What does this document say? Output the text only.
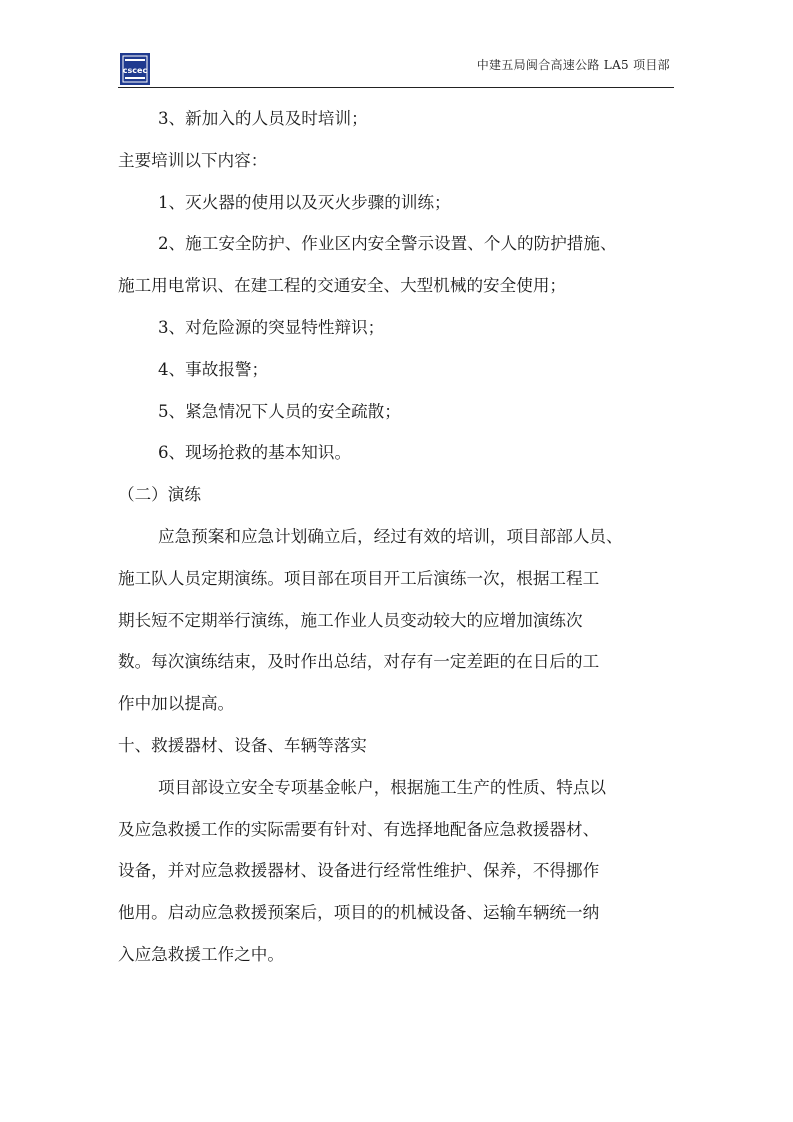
cscec	中建五局闽合高速公路 LA5 项目部

3、新加入的人员及时培训；

主要培训以下内容：

1、灭火器的使用以及灭火步骤的训练；

2、施工安全防护、作业区内安全警示设置、个人的防护措施、

施工用电常识、在建工程的交通安全、大型机械的安全使用；

3、对危险源的突显特性辩识；

4、事故报警；

5、紧急情况下人员的安全疏散；

6、现场抢救的基本知识。

（二）演练

应急预案和应急计划确立后，经过有效的培训，项目部部人员、

施工队人员定期演练。项目部在项目开工后演练一次，根据工程工

期长短不定期举行演练，施工作业人员变动较大的应增加演练次

数。每次演练结束，及时作出总结，对存有一定差距的在日后的工

作中加以提高。

十、救援器材、设备、车辆等落实

项目部设立安全专项基金帐户，根据施工生产的性质、特点以

及应急救援工作的实际需要有针对、有选择地配备应急救援器材、

设备，并对应急救援器材、设备进行经常性维护、保养，不得挪作

他用。启动应急救援预案后，项目的的机械设备、运输车辆统一纳

入应急救援工作之中。
